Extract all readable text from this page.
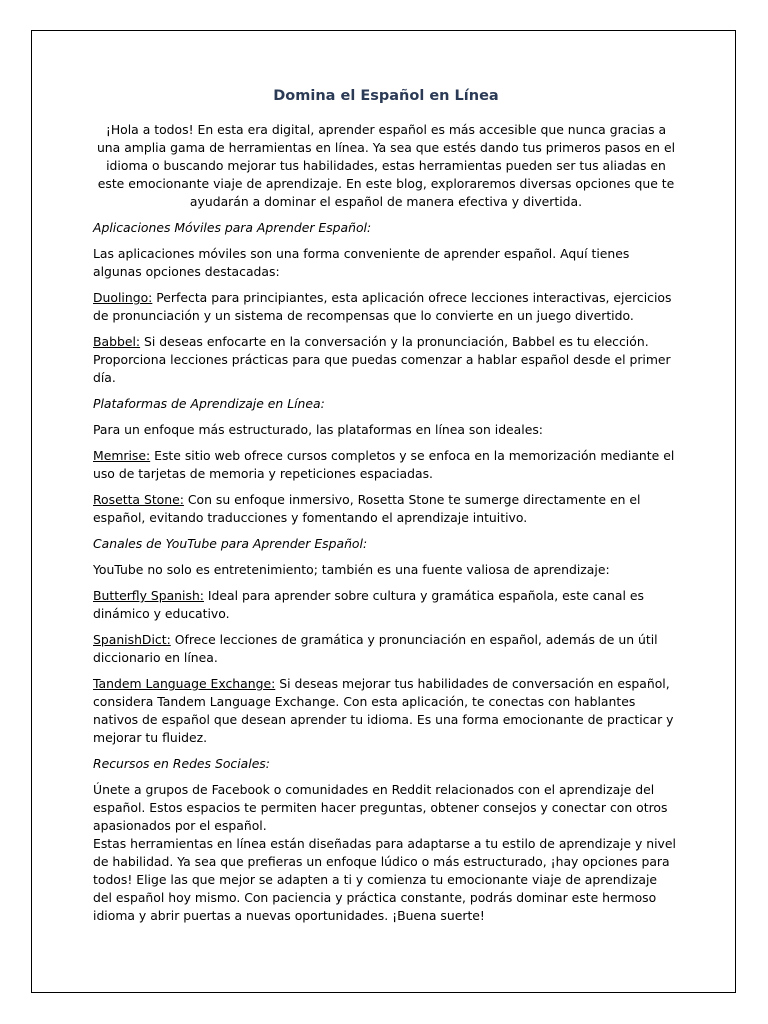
Domina el Español en Línea

¡Hola a todos! En esta era digital, aprender español es más accesible que nunca gracias a una amplia gama de herramientas en línea. Ya sea que estés dando tus primeros pasos en el idioma o buscando mejorar tus habilidades, estas herramientas pueden ser tus aliadas en este emocionante viaje de aprendizaje. En este blog, exploraremos diversas opciones que te ayudarán a dominar el español de manera efectiva y divertida.

Aplicaciones Móviles para Aprender Español:

Las aplicaciones móviles son una forma conveniente de aprender español. Aquí tienes algunas opciones destacadas:

Duolingo: Perfecta para principiantes, esta aplicación ofrece lecciones interactivas, ejercicios de pronunciación y un sistema de recompensas que lo convierte en un juego divertido.

Babbel: Si deseas enfocarte en la conversación y la pronunciación, Babbel es tu elección. Proporciona lecciones prácticas para que puedas comenzar a hablar español desde el primer día.

Plataformas de Aprendizaje en Línea:

Para un enfoque más estructurado, las plataformas en línea son ideales:

Memrise: Este sitio web ofrece cursos completos y se enfoca en la memorización mediante el uso de tarjetas de memoria y repeticiones espaciadas.

Rosetta Stone: Con su enfoque inmersivo, Rosetta Stone te sumerge directamente en el español, evitando traducciones y fomentando el aprendizaje intuitivo.

Canales de YouTube para Aprender Español:

YouTube no solo es entretenimiento; también es una fuente valiosa de aprendizaje:

Butterfly Spanish: Ideal para aprender sobre cultura y gramática española, este canal es dinámico y educativo.

SpanishDict: Ofrece lecciones de gramática y pronunciación en español, además de un útil diccionario en línea.

Tandem Language Exchange: Si deseas mejorar tus habilidades de conversación en español, considera Tandem Language Exchange. Con esta aplicación, te conectas con hablantes nativos de español que desean aprender tu idioma. Es una forma emocionante de practicar y mejorar tu fluidez.

Recursos en Redes Sociales:

Únete a grupos de Facebook o comunidades en Reddit relacionados con el aprendizaje del español. Estos espacios te permiten hacer preguntas, obtener consejos y conectar con otros apasionados por el español.

Estas herramientas en línea están diseñadas para adaptarse a tu estilo de aprendizaje y nivel de habilidad. Ya sea que prefieras un enfoque lúdico o más estructurado, ¡hay opciones para todos! Elige las que mejor se adapten a ti y comienza tu emocionante viaje de aprendizaje del español hoy mismo. Con paciencia y práctica constante, podrás dominar este hermoso idioma y abrir puertas a nuevas oportunidades. ¡Buena suerte!
